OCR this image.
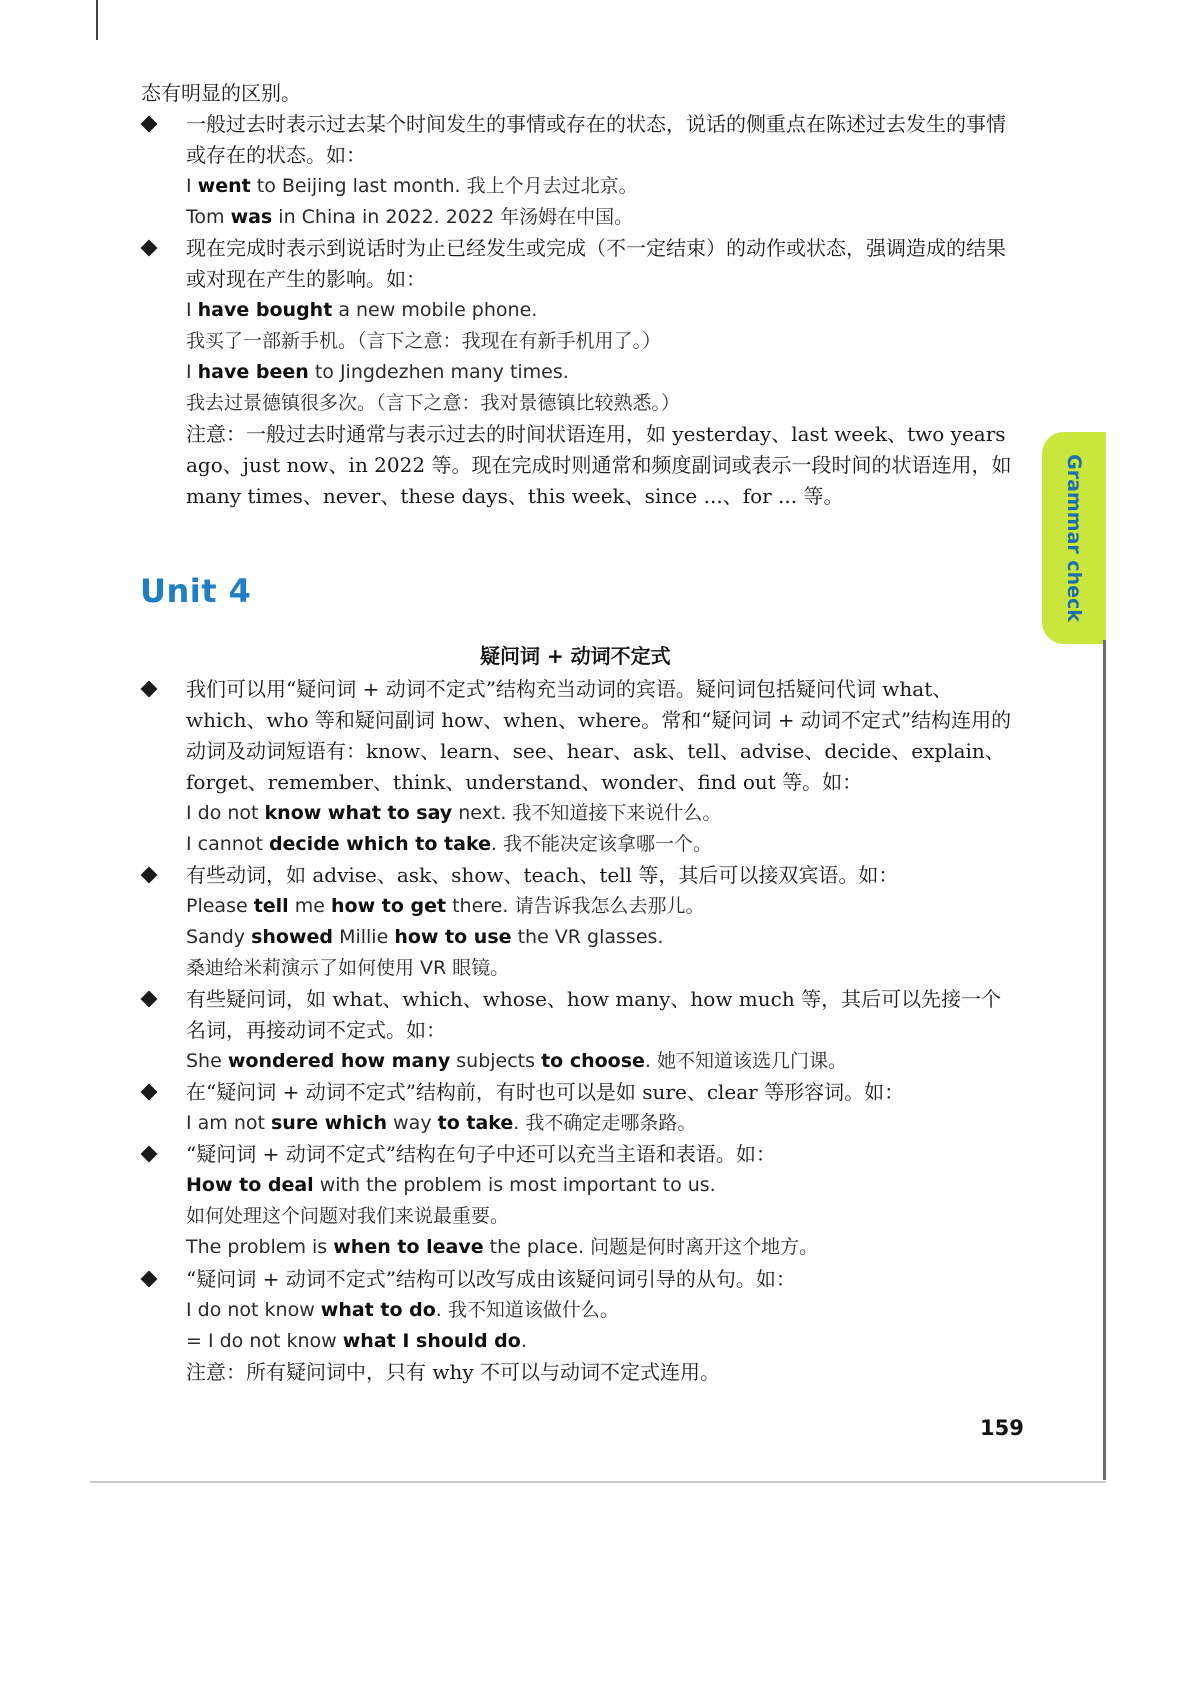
态有明显的区别。
一般过去时表示过去某个时间发生的事情或存在的状态，说话的侧重点在陈述过去发生的事情或存在的状态。如：
I went to Beijing last month. 我上个月去过北京。
Tom was in China in 2022. 2022 年汤姆在中国。
现在完成时表示到说话时为止已经发生或完成（不一定结束）的动作或状态，强调造成的结果或对现在产生的影响。如：
I have bought a new mobile phone.
我买了一部新手机。（言下之意：我现在有新手机用了。）
I have been to Jingdezhen many times.
我去过景德镇很多次。（言下之意：我对景德镇比较熟悉。）
注意：一般过去时通常与表示过去的时间状语连用，如 yesterday、last week、two years ago、just now、in 2022 等。现在完成时则通常和频度副词或表示一段时间的状语连用，如 many times、never、these days、this week、since ...、for ... 等。
Unit 4
疑问词 + 动词不定式
我们可以用“疑问词 + 动词不定式”结构充当动词的宾语。疑问词包括疑问代词 what、which、who 等和疑问副词 how、when、where。常和“疑问词 + 动词不定式”结构连用的动词及动词短语有：know、learn、see、hear、ask、tell、advise、decide、explain、forget、remember、think、understand、wonder、find out 等。如：
I do not know what to say next. 我不知道接下来说什么。
I cannot decide which to take. 我不能决定该拿哪一个。
有些动词，如 advise、ask、show、teach、tell 等，其后可以接双宾语。如：
Please tell me how to get there. 请告诉我怎么去那儿。
Sandy showed Millie how to use the VR glasses.
桑迪给米莉演示了如何使用 VR 眼镜。
有些疑问词，如 what、which、whose、how many、how much 等，其后可以先接一个名词，再接动词不定式。如：
She wondered how many subjects to choose. 她不知道该选几门课。
在“疑问词 + 动词不定式”结构前，有时也可以是如 sure、clear 等形容词。如：
I am not sure which way to take. 我不确定走哪条路。
“疑问词 + 动词不定式”结构在句子中还可以充当主语和表语。如：
How to deal with the problem is most important to us.
如何处理这个问题对我们来说最重要。
The problem is when to leave the place. 问题是何时离开这个地方。
“疑问词 + 动词不定式”结构可以改写成由该疑问词引导的从句。如：
I do not know what to do. 我不知道该做什么。
= I do not know what I should do.
注意：所有疑问词中，只有 why 不可以与动词不定式连用。
Grammar check
159
